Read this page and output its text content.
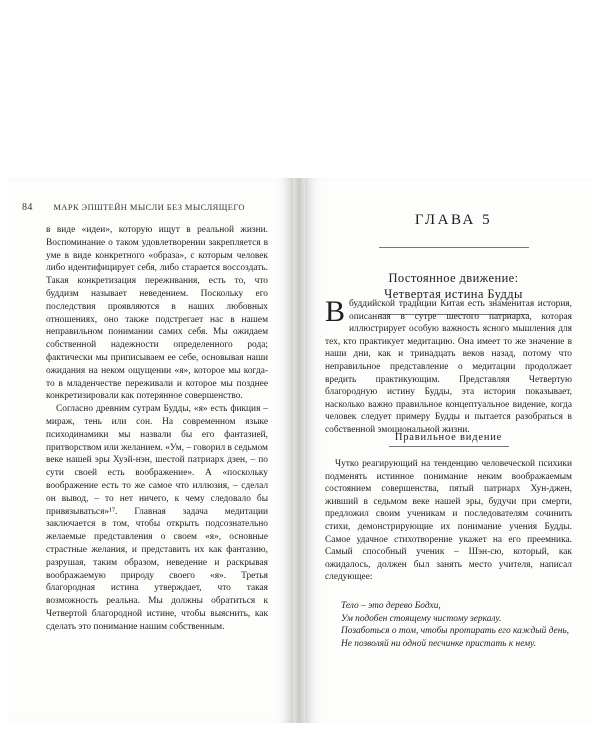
84 МАРК ЭПШТЕЙН МЫСЛИ БЕЗ МЫСЛЯЩЕГО

в виде «идеи», которую ищут в реальной жизни. Воспоминание о таком удовлетворении закрепляется в уме в виде конкретного «образа», с которым человек либо идентифицирует себя, либо старается воссоздать. Такая конкретизация переживания, есть то, что буддизм называет неведением. Поскольку его последствия проявляются в наших любовных отношениях, оно также подстрегает нас в нашем неправильном понимании самих себя. Мы ожидаем собственной надежности определенного рода; фактически мы приписываем ее себе, основывая наши ожидания на неком ощущении «я», которое мы когда-то в младенчестве переживали и которое мы позднее конкретизировали как потерянное совершенство.

Согласно древним сутрам Будды, «я» есть фикция – мираж, тень или сон. На современном языке психодинамики мы назвали бы его фантазией, притворством или желанием. «Ум, – говорил в седьмом веке нашей эры Хуэй-нэн, шестой патриарх дзен, – по сути своей есть воображение». А «поскольку воображение есть то же самое что иллюзия, – сделал он вывод, – то нет ничего, к чему следовало бы привязываться»¹⁷. Главная задача медитации заключается в том, чтобы открыть подсознательно желаемые представления о своем «я», основные страстные желания, и представить их как фантазию, разрушая, таким образом, неведение и раскрывая воображаемую природу своего «я». Третья благородная истина утверждает, что такая возможность реальна. Мы должны обратиться к Четвертой благородной истине, чтобы выяснить, как сделать это понимание нашим собственным.

ГЛАВА 5

Постоянное движение:
Четвертая истина Будды

В буддийской традиции Китая есть знаменитая история, описанная в сутре шестого патриарха, которая иллюстрирует особую важность ясного мышления для тех, кто практикует медитацию. Она имеет то же значение в наши дни, как и тринадцать веков назад, потому что неправильное представление о медитации продолжает вредить практикующим. Представляя Четвертую благородную истину Будды, эта история показывает, насколько важно правильное концептуальное видение, когда человек следует примеру Будды и пытается разобраться в собственной эмоциональной жизни.

Правильное видение

Чутко реагирующий на тенденцию человеческой психики подменять истинное понимание неким воображаемым состоянием совершенства, пятый патриарх Хун-джен, живший в седьмом веке нашей эры, будучи при смерти, предложил своим ученикам и последователям сочинить стихи, демонстрирующие их понимание учения Будды. Самое удачное стихотворение укажет на его преемника. Самый способный ученик – Шэн-сю, который, как ожидалось, должен был занять место учителя, написал следующее:

Тело – это дерево Бодхи,
Ум подобен стоящему чистому зеркалу.
Позаботься о том, чтобы протирать его каждый день,
Не позволяй ни одной песчинке пристать к нему.
